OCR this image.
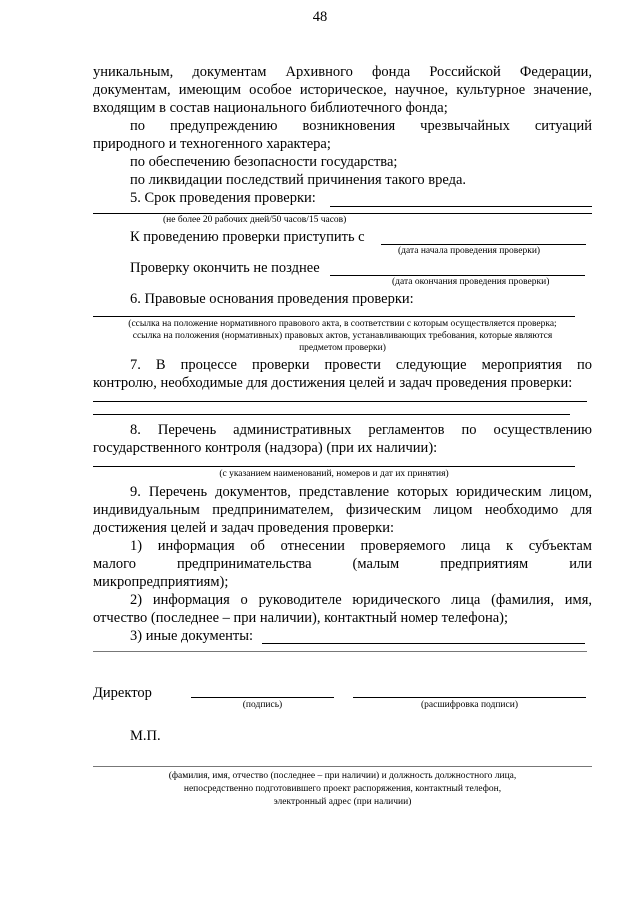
48
уникальным, документам Архивного фонда Российской Федерации,
документам, имеющим особое историческое, научное, культурное значение,
входящим в состав национального библиотечного фонда;
по предупреждению возникновения чрезвычайных ситуаций
природного и техногенного характера;
по обеспечению безопасности государства;
по ликвидации последствий причинения такого вреда.
5. Срок проведения проверки:
(не более 20 рабочих дней/50 часов/15 часов)
К проведению проверки приступить с
(дата начала проведения проверки)
Проверку окончить не позднее
(дата окончания проведения проверки)
6. Правовые основания проведения проверки:
(ссылка на положение нормативного правового акта, в соответствии с которым осуществляется проверка;
ссылка на положения (нормативных) правовых актов, устанавливающих требования, которые являются
предметом проверки)
7. В процессе проверки провести следующие мероприятия по
контролю, необходимые для достижения целей и задач проведения проверки:
8. Перечень административных регламентов по осуществлению
государственного контроля (надзора) (при их наличии):
(с указанием наименований, номеров и дат их принятия)
9. Перечень документов, представление которых юридическим лицом,
индивидуальным предпринимателем, физическим лицом необходимо для
достижения целей и задач проведения проверки:
1) информация об отнесении проверяемого лица к субъектам
малого предпринимательства (малым предприятиям или
микропредприятиям);
2) информация о руководителе юридического лица (фамилия, имя,
отчество (последнее – при наличии), контактный номер телефона);
3) иные документы:
Директор
(подпись)	(расшифровка подписи)
М.П.
(фамилия, имя, отчество (последнее – при наличии) и должность должностного лица,
непосредственно подготовившего проект распоряжения, контактный телефон,
электронный адрес (при наличии)
